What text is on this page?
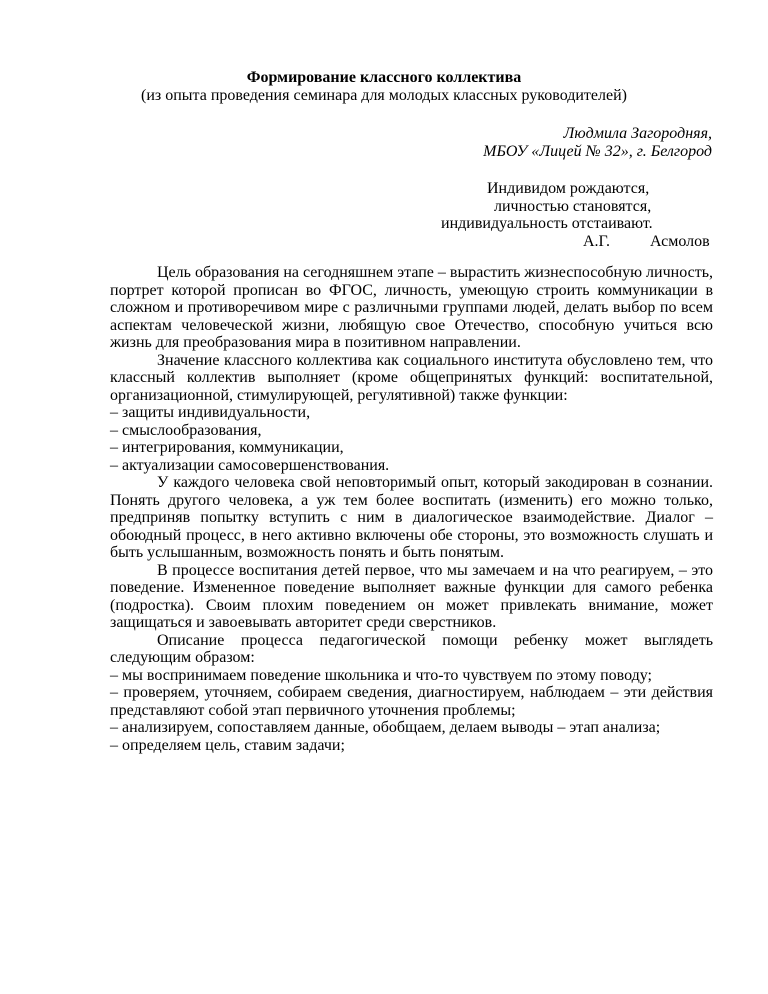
Формирование классного коллектива
(из опыта проведения семинара для молодых классных руководителей)
Людмила Загородняя,
МБОУ «Лицей № 32», г. Белгород
Индивидом рождаются,
личностью становятся,
индивидуальность отстаивают.
А.Г.	Асмолов

Цель образования на сегодняшнем этапе – вырастить жизнеспособную личность, портрет которой прописан во ФГОС, личность, умеющую строить коммуникации в сложном и противоречивом мире с различными группами людей, делать выбор по всем аспектам человеческой жизни, любящую свое Отечество, способную учиться всю жизнь для преобразования мира в позитивном направлении.

Значение классного коллектива как социального института обусловлено тем, что классный коллектив выполняет (кроме общепринятых функций: воспитательной, организационной, стимулирующей, регулятивной) также функции:

– защиты индивидуальности,

– смыслообразования,

– интегрирования, коммуникации,

– актуализации самосовершенствования.

У каждого человека свой неповторимый опыт, который закодирован в сознании. Понять другого человека, а уж тем более воспитать (изменить) его можно только, предприняв попытку вступить с ним в диалогическое взаимодействие. Диалог – обоюдный процесс, в него активно включены обе стороны, это возможность слушать и быть услышанным, возможность понять и быть понятым.

В процессе воспитания детей первое, что мы замечаем и на что реагируем, – это поведение. Измененное поведение выполняет важные функции для самого ребенка (подростка). Своим плохим поведением он может привлекать внимание, может защищаться и завоевывать авторитет среди сверстников.

Описание процесса педагогической помощи ребенку может выглядеть следующим образом:

– мы воспринимаем поведение школьника и что-то чувствуем по этому поводу;

– проверяем, уточняем, собираем сведения, диагностируем, наблюдаем – эти действия представляют собой этап первичного уточнения проблемы;

– анализируем, сопоставляем данные, обобщаем, делаем выводы – этап анализа;

– определяем цель, ставим задачи;
